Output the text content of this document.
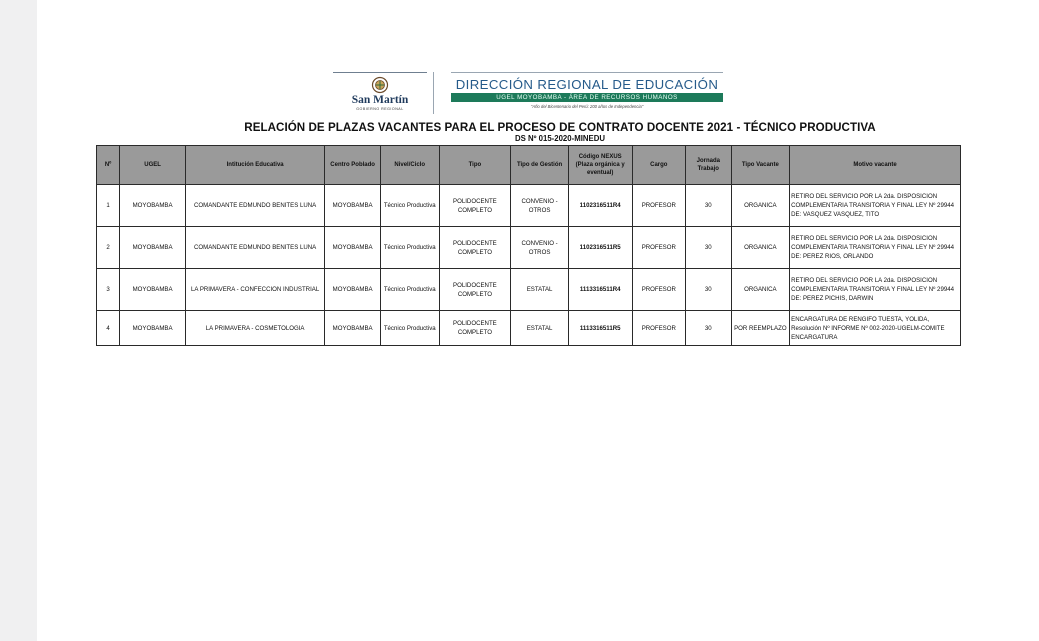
San Martín
GOBIERNO REGIONAL
DIRECCIÓN REGIONAL DE EDUCACIÓN
UGEL MOYOBAMBA - ÁREA DE RECURSOS HUMANOS
"Año del Bicentenario del Perú: 200 años de Independencia"
RELACIÓN DE PLAZAS VACANTES PARA EL PROCESO DE CONTRATO DOCENTE 2021 - TÉCNICO PRODUCTIVA
DS Nº 015-2020-MINEDU
Nº	UGEL	Intitución Educativa	Centro Poblado	Nivel/Ciclo	Tipo	Tipo de Gestión	Código NEXUS (Plaza orgánica y eventual)	Cargo	Jornada Trabajo	Tipo Vacante	Motivo vacante
1	MOYOBAMBA	COMANDANTE EDMUNDO BENITES LUNA	MOYOBAMBA	Técnico Productiva	POLIDOCENTE COMPLETO	CONVENIO - OTROS	1102316511R4	PROFESOR	30	ORGANICA	RETIRO DEL SERVICIO POR LA 2da. DISPOSICION COMPLEMENTARIA TRANSITORIA Y FINAL LEY Nº 29944 DE: VASQUEZ VASQUEZ, TITO
2	MOYOBAMBA	COMANDANTE EDMUNDO BENITES LUNA	MOYOBAMBA	Técnico Productiva	POLIDOCENTE COMPLETO	CONVENIO - OTROS	1102316511R5	PROFESOR	30	ORGANICA	RETIRO DEL SERVICIO POR LA 2da. DISPOSICION COMPLEMENTARIA TRANSITORIA Y FINAL LEY Nº 29944 DE: PEREZ RIOS, ORLANDO
3	MOYOBAMBA	LA PRIMAVERA - CONFECCION INDUSTRIAL	MOYOBAMBA	Técnico Productiva	POLIDOCENTE COMPLETO	ESTATAL	1113316511R4	PROFESOR	30	ORGANICA	RETIRO DEL SERVICIO POR LA 2da. DISPOSICION COMPLEMENTARIA TRANSITORIA Y FINAL LEY Nº 29944 DE: PEREZ PICHIS, DARWIN
4	MOYOBAMBA	LA PRIMAVERA - COSMETOLOGIA	MOYOBAMBA	Técnico Productiva	POLIDOCENTE COMPLETO	ESTATAL	1113316511R5	PROFESOR	30	POR REEMPLAZO	ENCARGATURA DE RENGIFO TUESTA, YOLIDA, Resolución Nº INFORME Nº 002-2020-UGELM-COMITE ENCARGATURA
